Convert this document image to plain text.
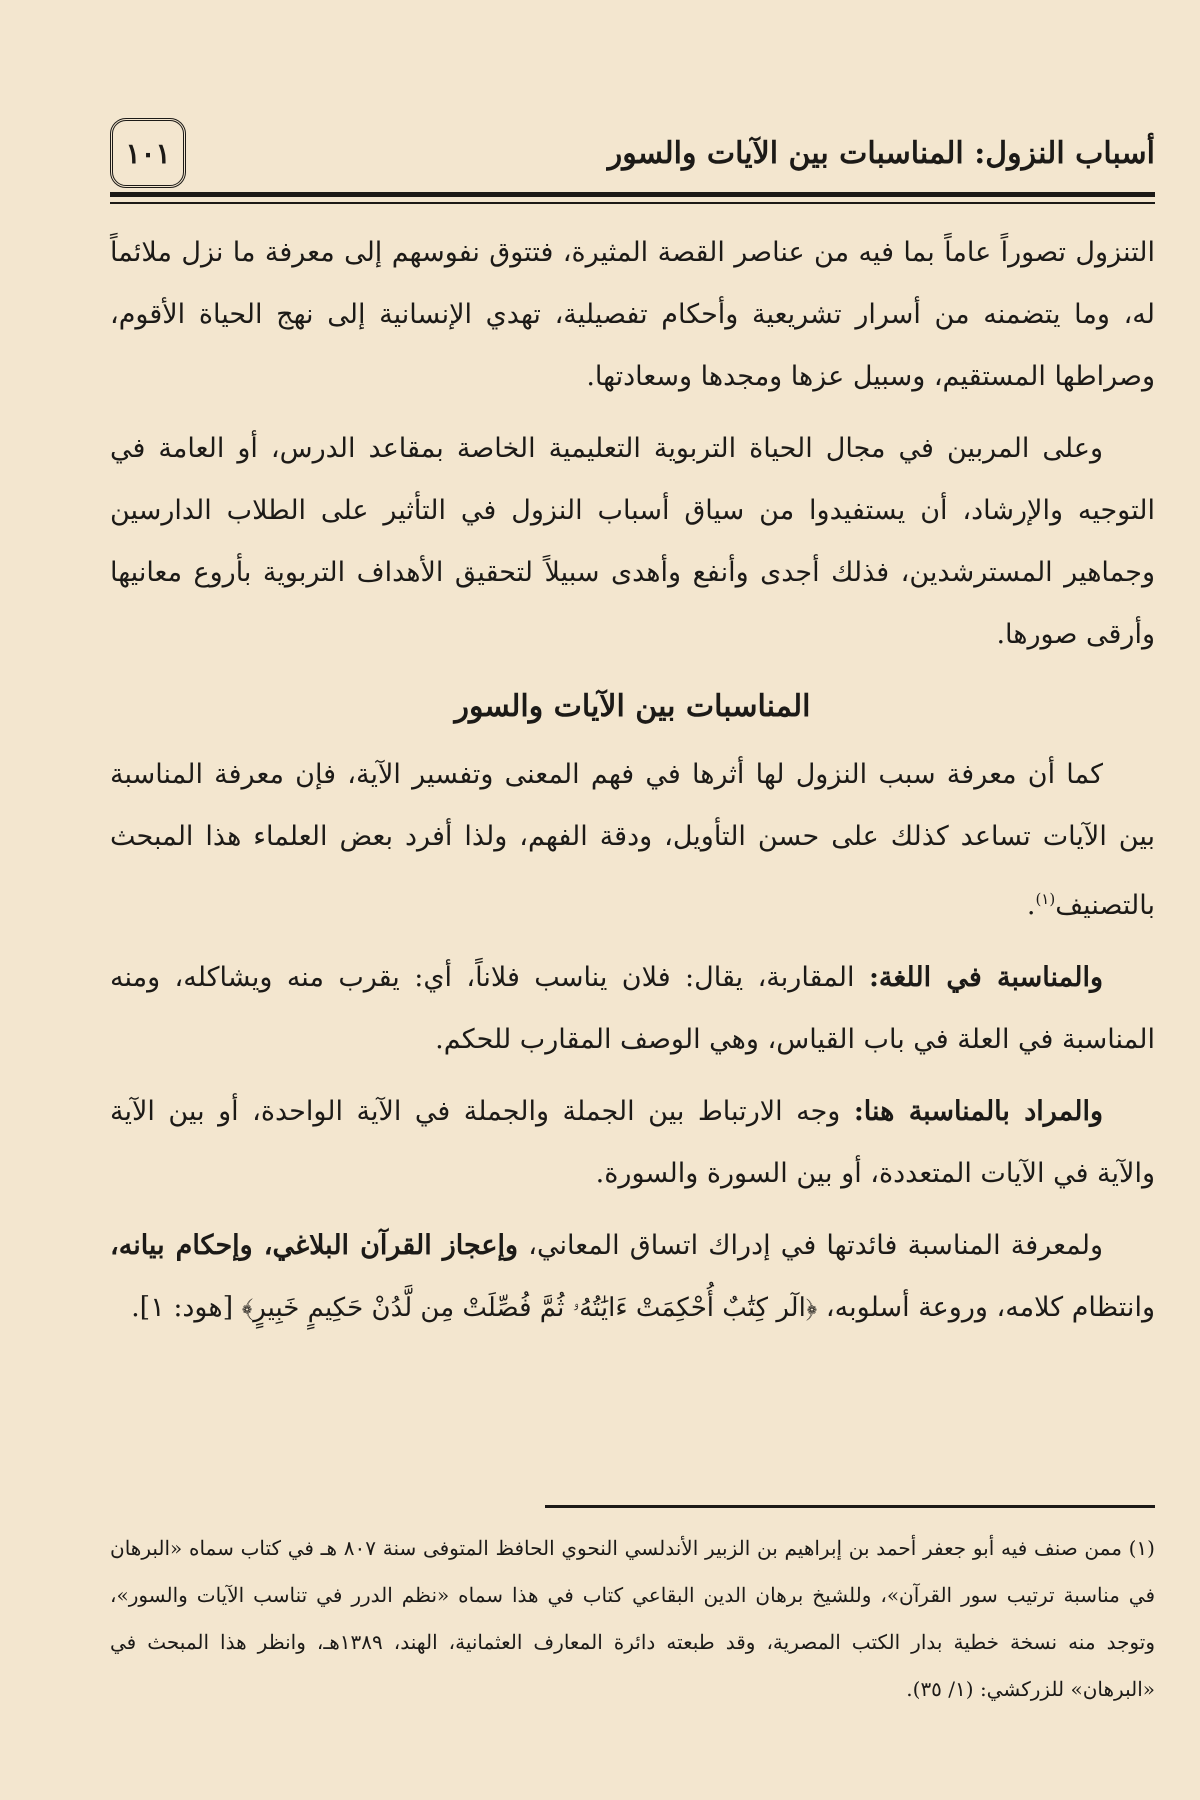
أسباب النزول: المناسبات بين الآيات والسور
١٠١

التنزول تصوراً عاماً بما فيه من عناصر القصة المثيرة، فتتوق نفوسهم إلى معرفة ما نزل ملائماً له، وما يتضمنه من أسرار تشريعية وأحكام تفصيلية، تهدي الإنسانية إلى نهج الحياة الأقوم، وصراطها المستقيم، وسبيل عزها ومجدها وسعادتها.

وعلى المربين في مجال الحياة التربوية التعليمية الخاصة بمقاعد الدرس، أو العامة في التوجيه والإرشاد، أن يستفيدوا من سياق أسباب النزول في التأثير على الطلاب الدارسين وجماهير المسترشدين، فذلك أجدى وأنفع وأهدى سبيلاً لتحقيق الأهداف التربوية بأروع معانيها وأرقى صورها.

المناسبات بين الآيات والسور

كما أن معرفة سبب النزول لها أثرها في فهم المعنى وتفسير الآية، فإن معرفة المناسبة بين الآيات تساعد كذلك على حسن التأويل، ودقة الفهم، ولذا أفرد بعض العلماء هذا المبحث بالتصنيف$^{(١)}$.

والمناسبة في اللغة: المقاربة، يقال: فلان يناسب فلاناً، أي: يقرب منه ويشاكله، ومنه المناسبة في العلة في باب القياس، وهي الوصف المقارب للحكم.

والمراد بالمناسبة هنا: وجه الارتباط بين الجملة والجملة في الآية الواحدة، أو بين الآية والآية في الآيات المتعددة، أو بين السورة والسورة.

ولمعرفة المناسبة فائدتها في إدراك اتساق المعاني، وإعجاز القرآن البلاغي، وإحكام بيانه، وانتظام كلامه، وروعة أسلوبه، ﴿الٓر كِتَٰبٌ أُحْكِمَتْ ءَايَٰتُهُۥ ثُمَّ فُصِّلَتْ مِن لَّدُنْ حَكِيمٍ خَبِيرٍ﴾ [هود: ١].

(١) ممن صنف فيه أبو جعفر أحمد بن إبراهيم بن الزبير الأندلسي النحوي الحافظ المتوفى سنة ٨٠٧ هـ في كتاب سماه «البرهان في مناسبة ترتيب سور القرآن»، وللشيخ برهان الدين البقاعي كتاب في هذا سماه «نظم الدرر في تناسب الآيات والسور»، وتوجد منه نسخة خطية بدار الكتب المصرية، وقد طبعته دائرة المعارف العثمانية، الهند، ١٣٨٩هـ، وانظر هذا المبحث في «البرهان» للزركشي: (١/ ٣٥).
